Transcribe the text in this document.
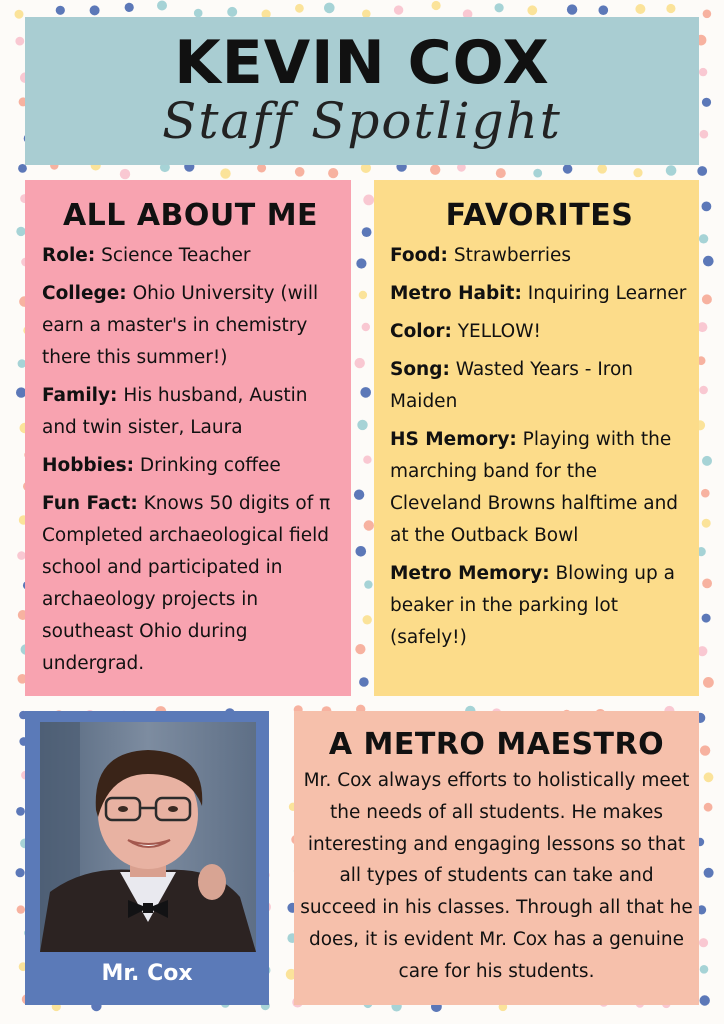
KEVIN COX
Staff Spotlight
ALL ABOUT ME
Role: Science Teacher
College: Ohio University (will earn a master's in chemistry there this summer!)
Family: His husband, Austin and twin sister, Laura
Hobbies: Drinking coffee
Fun Fact: Knows 50 digits of π Completed archaeological field school and participated in archaeology projects in southeast Ohio during undergrad.
FAVORITES
Food: Strawberries
Metro Habit: Inquiring Learner
Color: YELLOW!
Song: Wasted Years - Iron Maiden
HS Memory: Playing with the marching band for the Cleveland Browns halftime and at the Outback Bowl
Metro Memory: Blowing up a beaker in the parking lot (safely!)
Mr. Cox
A METRO MAESTRO
Mr. Cox always efforts to holistically meet the needs of all students. He makes interesting and engaging lessons so that all types of students can take and succeed in his classes. Through all that he does, it is evident Mr. Cox has a genuine care for his students.
